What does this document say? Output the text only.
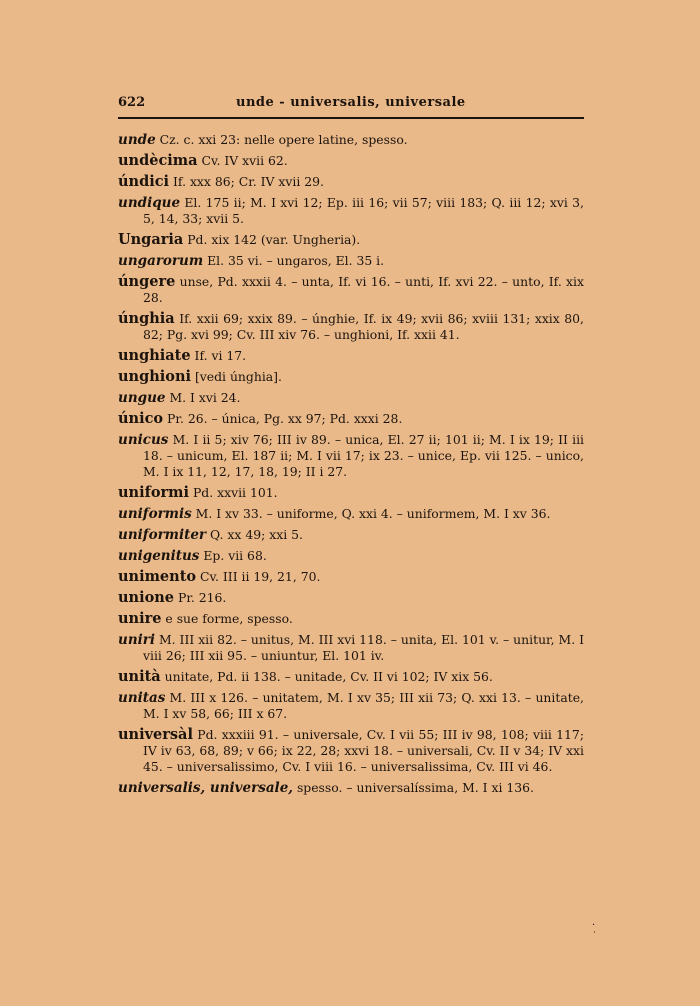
622	unde - universalis, universale

unde Cz. c. xxi 23: nelle opere latine, spesso.

undècima Cv. IV xvii 62.

úndici If. xxx 86; Cr. IV xvii 29.

undique El. 175 ii; M. I xvi 12; Ep. iii 16; vii 57; viii 183; Q. iii 12; xvi 3, 5, 14, 33; xvii 5.

Ungaria Pd. xix 142 (var. Ungheria).

ungarorum El. 35 vi. – ungaros, El. 35 i.

úngere unse, Pd. xxxii 4. – unta, If. vi 16. – unti, If. xvi 22. – unto, If. xix 28.

únghia If. xxii 69; xxix 89. – únghie, If. ix 49; xvii 86; xviii 131; xxix 80, 82; Pg. xvi 99; Cv. III xiv 76. – unghioni, If. xxii 41.

unghiate If. vi 17.

unghioni [vedi únghia].

ungue M. I xvi 24.

único Pr. 26. – única, Pg. xx 97; Pd. xxxi 28.

unicus M. I ii 5; xiv 76; III iv 89. – unica, El. 27 ii; 101 ii; M. I ix 19; II iii 18. – unicum, El. 187 ii; M. I vii 17; ix 23. – unice, Ep. vii 125. – unico, M. I ix 11, 12, 17, 18, 19; II i 27.

uniformi Pd. xxvii 101.

uniformis M. I xv 33. – uniforme, Q. xxi 4. – uniformem, M. I xv 36.

uniformiter Q. xx 49; xxi 5.

unigenitus Ep. vii 68.

unimento Cv. III ii 19, 21, 70.

unione Pr. 216.

unire e sue forme, spesso.

uniri M. III xii 82. – unitus, M. III xvi 118. – unita, El. 101 v. – unitur, M. I viii 26; III xii 95. – uniuntur, El. 101 iv.

unità unitate, Pd. ii 138. – unitade, Cv. II vi 102; IV xix 56.

unitas M. III x 126. – unitatem, M. I xv 35; III xii 73; Q. xxi 13. – unitate, M. I xv 58, 66; III x 67.

universàl Pd. xxxiii 91. – universale, Cv. I vii 55; III iv 98, 108; viii 117; IV iv 63, 68, 89; v 66; ix 22, 28; xxvi 18. – universali, Cv. II v 34; IV xxi 45. – universalissimo, Cv. I viii 16. – universalissima, Cv. III vi 46.

universalis, universale, spesso. – universalíssima, M. I xi 136.

·
˙
